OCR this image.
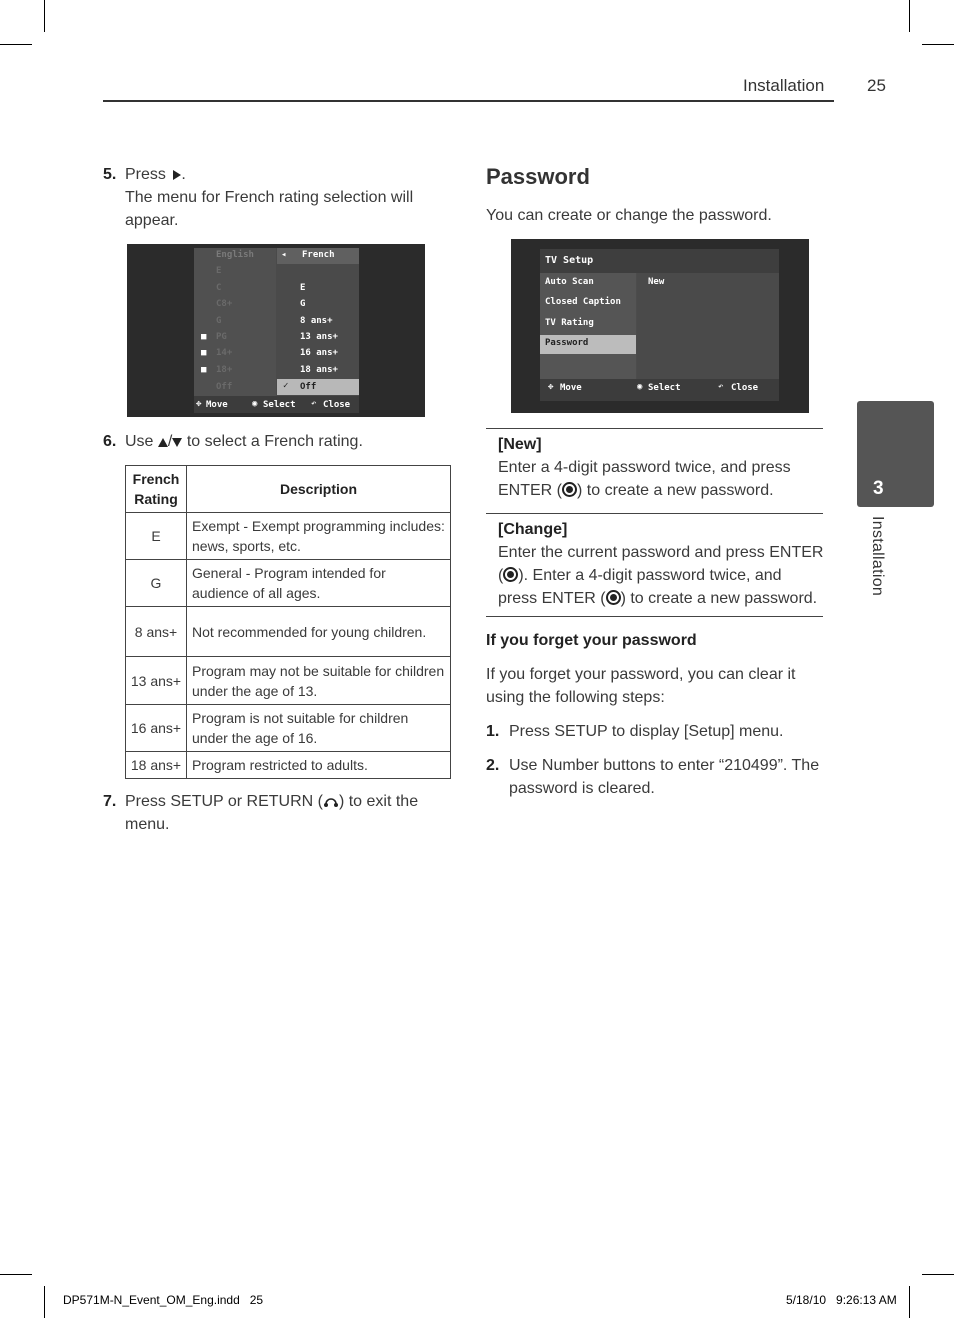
Installation	25
5. Press .
The menu for French rating selection will
appear.
English
E
C
C8+
G
■ PG
■ 14+
■ 18+
Off
◂ French
E
G
8 ans+
13 ans+
16 ans+
18 ans+
✓ Off
✥ Move	◉ Select ↶ Close
6. Use / to select a French rating.
French Rating	Description
E	Exempt - Exempt programming includes: news, sports, etc.
G	General - Program intended for audience of all ages.
8 ans+	Not recommended for young children.
13 ans+	Program may not be suitable for children under the age of 13.
16 ans+	Program is not suitable for children under the age of 16.
18 ans+	Program restricted to adults.
7. Press SETUP or RETURN ( ) to exit the
menu.
Password
You can create or change the password.
TV Setup
Auto Scan
Closed Caption
TV Rating
Password
New
✥ Move	◉ Select	↶ Close
[New]
Enter a 4-digit password twice, and press
ENTER ( ) to create a new password.
[Change]
Enter the current password and press ENTER
( ). Enter a 4-digit password twice, and
press ENTER ( ) to create a new password.
If you forget your password
If you forget your password, you can clear it
using the following steps:
1. Press SETUP to display [Setup] menu.
2. Use Number buttons to enter “210499”. The
password is cleared.
3
Installation
DP571M-N_Event_OM_Eng.indd   25	5/18/10   9:26:13 AM
